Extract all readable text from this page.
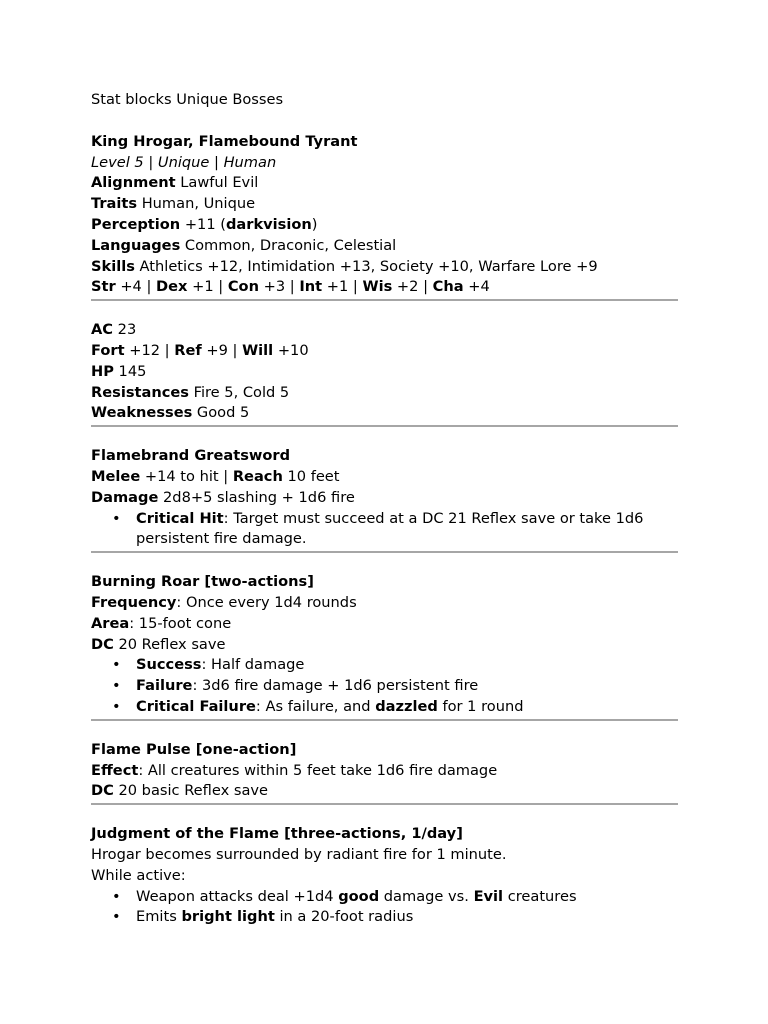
Stat blocks Unique Bosses

King Hrogar, Flamebound Tyrant

Level 5 | Unique | Human

Alignment Lawful Evil

Traits Human, Unique

Perception +11 (darkvision)

Languages Common, Draconic, Celestial

Skills Athletics +12, Intimidation +13, Society +10, Warfare Lore +9

Str +4 | Dex +1 | Con +3 | Int +1 | Wis +2 | Cha +4

AC 23

Fort +12 | Ref +9 | Will +10

HP 145

Resistances Fire 5, Cold 5

Weaknesses Good 5

Flamebrand Greatsword

Melee +14 to hit | Reach 10 feet

Damage 2d8+5 slashing + 1d6 fire

• Critical Hit: Target must succeed at a DC 21 Reflex save or take 1d6 persistent fire damage.

Burning Roar [two-actions]

Frequency: Once every 1d4 rounds

Area: 15-foot cone

DC 20 Reflex save

• Success: Half damage
• Failure: 3d6 fire damage + 1d6 persistent fire
• Critical Failure: As failure, and dazzled for 1 round

Flame Pulse [one-action]

Effect: All creatures within 5 feet take 1d6 fire damage

DC 20 basic Reflex save

Judgment of the Flame [three-actions, 1/day]

Hrogar becomes surrounded by radiant fire for 1 minute.

While active:

• Weapon attacks deal +1d4 good damage vs. Evil creatures
• Emits bright light in a 20-foot radius
